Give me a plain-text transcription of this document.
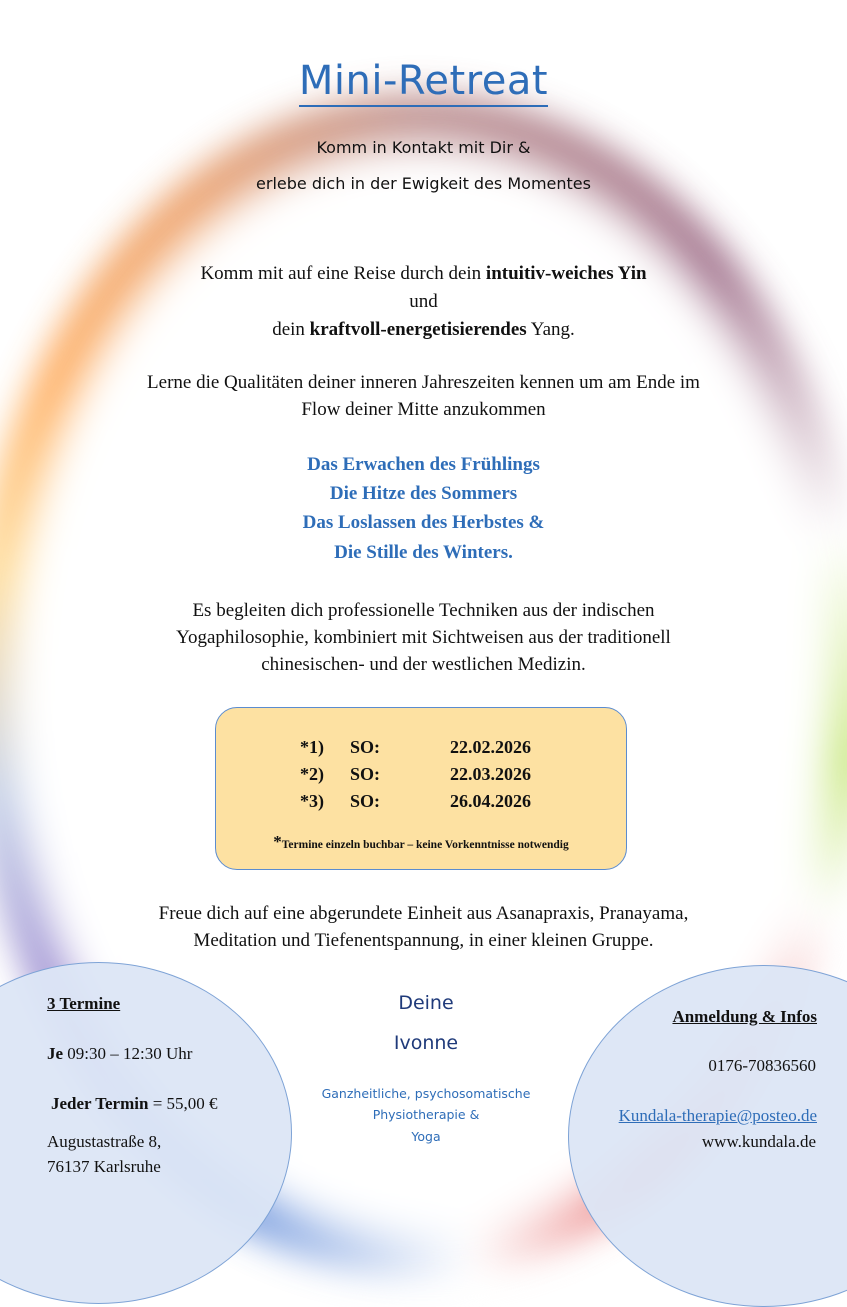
Mini-Retreat
Komm in Kontakt mit Dir &
erlebe dich in der Ewigkeit des Momentes
Komm mit auf eine Reise durch dein intuitiv-weiches Yin
und
dein kraftvoll-energetisierendes Yang.
Lerne die Qualitäten deiner inneren Jahreszeiten kennen um am Ende im
Flow deiner Mitte anzukommen
Das Erwachen des Frühlings
Die Hitze des Sommers
Das Loslassen des Herbstes &
Die Stille des Winters.
Es begleiten dich professionelle Techniken aus der indischen
Yogaphilosophie, kombiniert mit Sichtweisen aus der traditionell
chinesischen- und der westlichen Medizin.
*1) SO:	22.02.2026
*2) SO:	22.03.2026
*3) SO:	26.04.2026
*Termine einzeln buchbar – keine Vorkenntnisse notwendig
Freue dich auf eine abgerundete Einheit aus Asanapraxis, Pranayama,
Meditation und Tiefenentspannung, in einer kleinen Gruppe.
3 Termine
Je 09:30 – 12:30 Uhr
Jeder Termin = 55,00 €
Augustastraße 8,
76137 Karlsruhe
Deine
Ivonne
Ganzheitliche, psychosomatische
Physiotherapie &
Yoga
Anmeldung & Infos
0176-70836560
Kundala-therapie@posteo.de
www.kundala.de
